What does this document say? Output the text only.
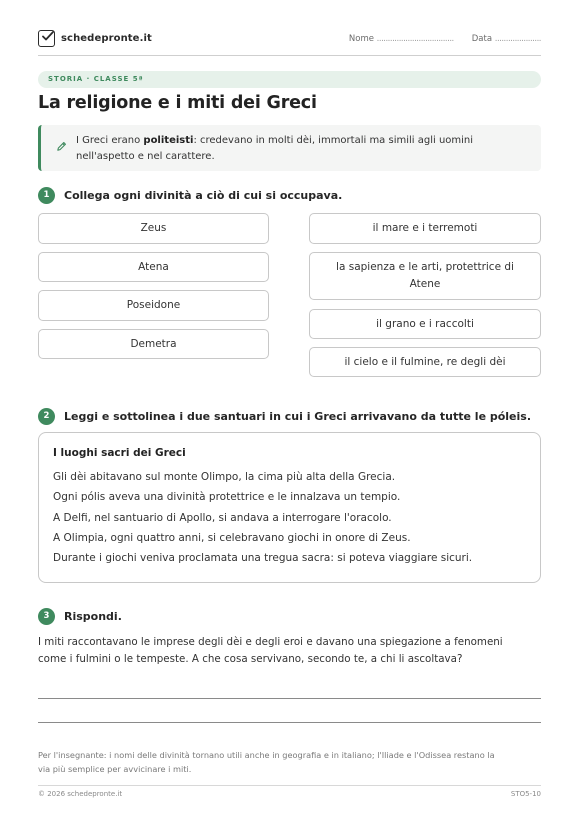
schedepronte.it	Nome ................................... Data .....................
STORIA · CLASSE 5ª
La religione e i miti dei Greci
I Greci erano politeisti: credevano in molti dèi, immortali ma simili agli uomini
nell'aspetto e nel carattere.
1	Collega ogni divinità a ciò di cui si occupava.
Zeus
Atena
Poseidone
Demetra
il mare e i terremoti
la sapienza e le arti, protettrice di Atene
il grano e i raccolti
il cielo e il fulmine, re degli dèi
2	Leggi e sottolinea i due santuari in cui i Greci arrivavano da tutte le póleis.
I luoghi sacri dei Greci
Gli dèi abitavano sul monte Olimpo, la cima più alta della Grecia.
Ogni pólis aveva una divinità protettrice e le innalzava un tempio.
A Delfi, nel santuario di Apollo, si andava a interrogare l'oracolo.
A Olimpia, ogni quattro anni, si celebravano giochi in onore di Zeus.
Durante i giochi veniva proclamata una tregua sacra: si poteva viaggiare sicuri.
3	Rispondi.
I miti raccontavano le imprese degli dèi e degli eroi e davano una spiegazione a fenomeni
come i fulmini o le tempeste. A che cosa servivano, secondo te, a chi li ascoltava?
Per l'insegnante: i nomi delle divinità tornano utili anche in geografia e in italiano; l'Iliade e l'Odissea restano la
via più semplice per avvicinare i miti.
© 2026 schedepronte.it	STO5-10
